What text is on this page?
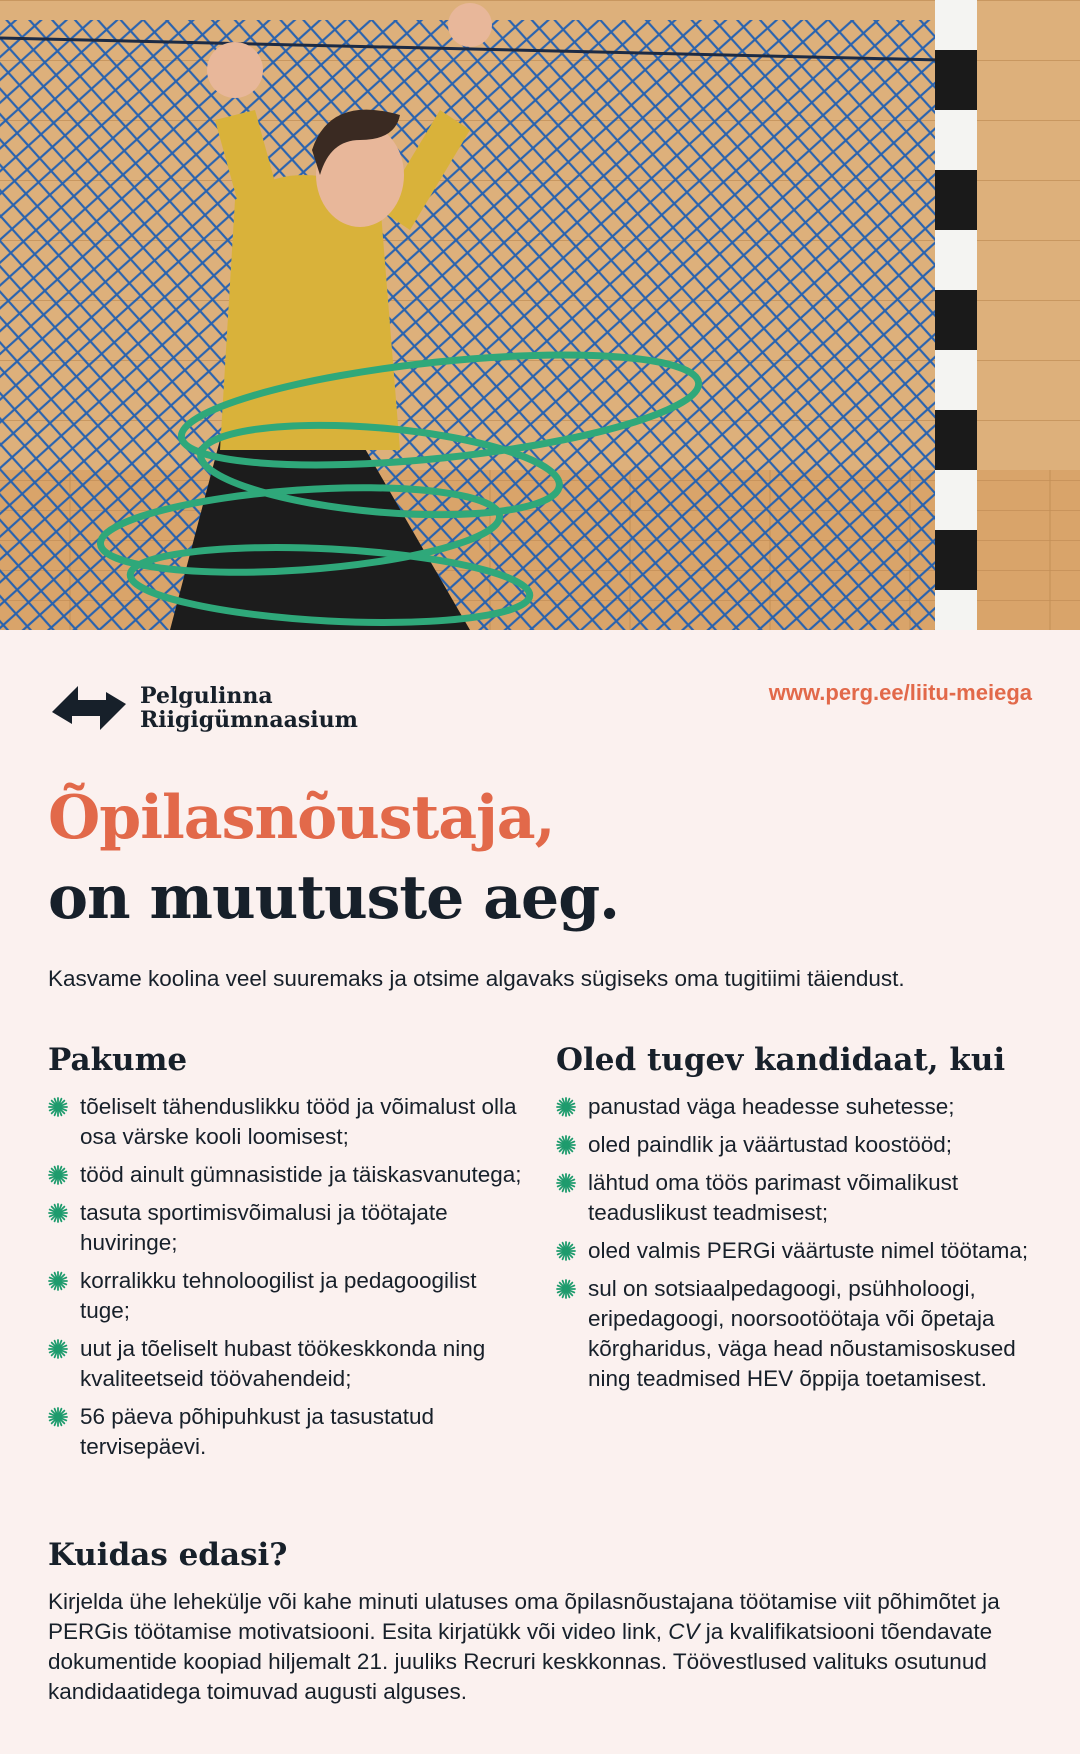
Pelgulinna
Riigigümnaasium
www.perg.ee/liitu-meiega
Õpilasnõustaja,
on muutuste aeg.
Kasvame koolina veel suuremaks ja otsime algavaks sügiseks oma tugitiimi täiendust.
Pakume
tõeliselt tähenduslikku tööd ja võimalust olla osa värske kooli loomisest;
tööd ainult gümnasistide ja täiskasvanutega;
tasuta sportimisvõimalusi ja töötajate huviringe;
korralikku tehnoloogilist ja pedagoogilist tuge;
uut ja tõeliselt hubast töökeskkonda ning kvaliteetseid töövahendeid;
56 päeva põhipuhkust ja tasustatud tervisepäevi.
Oled tugev kandidaat, kui
panustad väga headesse suhetesse;
oled paindlik ja väärtustad koostööd;
lähtud oma töös parimast võimalikust teaduslikust teadmisest;
oled valmis PERGi väärtuste nimel töötama;
sul on sotsiaalpedagoogi, psühholoogi, eripedagoogi, noorsootöötaja või õpetaja kõrgharidus, väga head nõustamisoskused ning teadmised HEV õppija toetamisest.
Kuidas edasi?

Kirjelda ühe lehekülje või kahe minuti ulatuses oma õpilasnõustajana töötamise viit põhimõtet ja PERGis töötamise motivatsiooni. Esita kirjatükk või video link, CV ja kvalifikatsiooni tõendavate dokumentide koopiad hiljemalt 21. juuliks Recruri keskkonnas. Töövestlused valituks osutunud kandidaatidega toimuvad augusti alguses.
